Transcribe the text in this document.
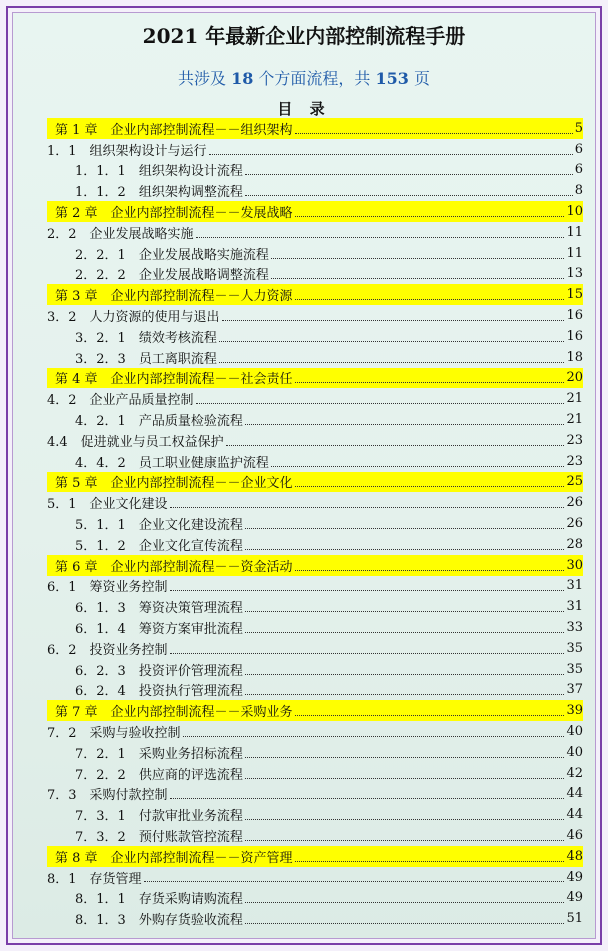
2021 年最新企业内部控制流程手册
共涉及 18 个方面流程，共 153 页
目 录
第 1 章　企业内部控制流程－－组织架构	5
1．1　组织架构设计与运行	6
1．1．1　组织架构设计流程	6
1．1．2　组织架构调整流程	8
第 2 章　企业内部控制流程－－发展战略	10
2．2　企业发展战略实施	11
2．2．1　企业发展战略实施流程	11
2．2．2　企业发展战略调整流程	13
第 3 章　企业内部控制流程－－人力资源	15
3．2　人力资源的使用与退出	16
3．2．1　绩效考核流程	16
3．2．3　员工离职流程	18
第 4 章　企业内部控制流程－－社会责任	20
4．2　企业产品质量控制	21
4．2．1　产品质量检验流程	21
4.4　促进就业与员工权益保护	23
4．4．2　员工职业健康监护流程	23
第 5 章　企业内部控制流程－－企业文化	25
5．1　企业文化建设	26
5．1．1　企业文化建设流程	26
5．1．2　企业文化宣传流程	28
第 6 章　企业内部控制流程－－资金活动	30
6．1　筹资业务控制	31
6．1．3　筹资决策管理流程	31
6．1．4　筹资方案审批流程	33
6．2　投资业务控制	35
6．2．3　投资评价管理流程	35
6．2．4　投资执行管理流程	37
第 7 章　企业内部控制流程－－采购业务	39
7．2　采购与验收控制	40
7．2．1　采购业务招标流程	40
7．2．2　供应商的评选流程	42
7．3　采购付款控制	44
7．3．1　付款审批业务流程	44
7．3．2　预付账款管控流程	46
第 8 章　企业内部控制流程－－资产管理	48
8．1　存货管理	49
8．1．1　存货采购请购流程	49
8．1．3　外购存货验收流程	51
